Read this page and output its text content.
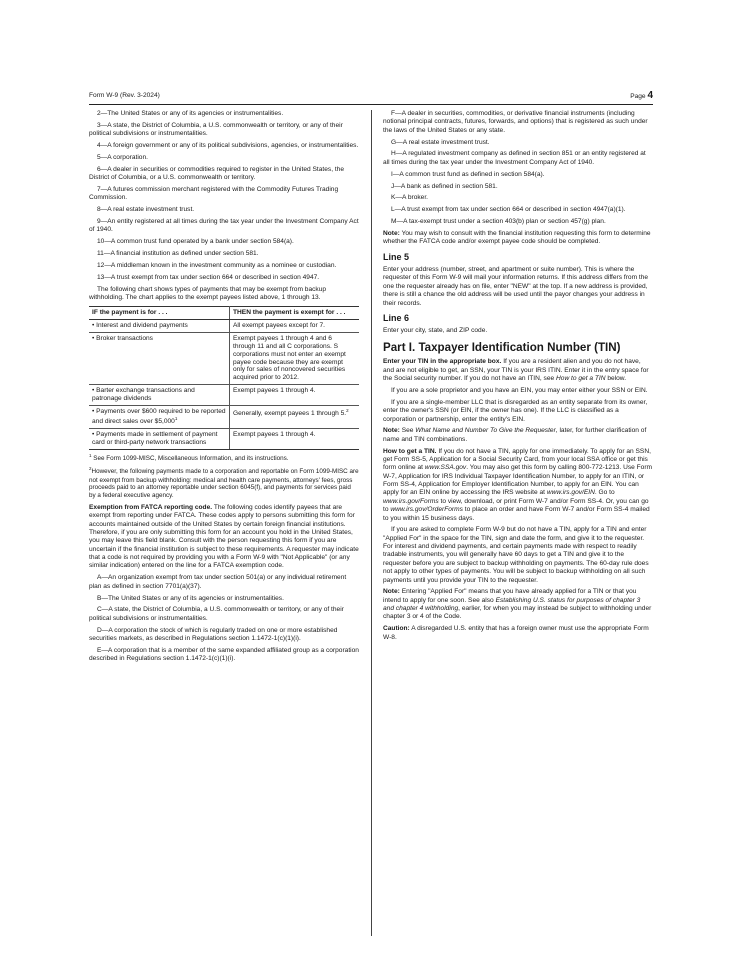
Form W-9 (Rev. 3-2024)	Page 4

2—The United States or any of its agencies or instrumentalities.

3—A state, the District of Columbia, a U.S. commonwealth or territory, or any of their political subdivisions or instrumentalities.

4—A foreign government or any of its political subdivisions, agencies, or instrumentalities.

5—A corporation.

6—A dealer in securities or commodities required to register in the United States, the District of Columbia, or a U.S. commonwealth or territory.

7—A futures commission merchant registered with the Commodity Futures Trading Commission.

8—A real estate investment trust.

9—An entity registered at all times during the tax year under the Investment Company Act of 1940.

10—A common trust fund operated by a bank under section 584(a).

11—A financial institution as defined under section 581.

12—A middleman known in the investment community as a nominee or custodian.

13—A trust exempt from tax under section 664 or described in section 4947.

The following chart shows types of payments that may be exempt from backup withholding. The chart applies to the exempt payees listed above, 1 through 13.

IF the payment is for . . .	THEN the payment is exempt for . . .
• Interest and dividend payments	All exempt payees except for 7.
• Broker transactions	Exempt payees 1 through 4 and 6 through 11 and all C corporations. S corporations must not enter an exempt payee code because they are exempt only for sales of noncovered securities acquired prior to 2012.
• Barter exchange transactions and patronage dividends	Exempt payees 1 through 4.
• Payments over $600 required to be reported and direct sales over $5,000$^1$	Generally, exempt payees 1 through 5.$^2$
• Payments made in settlement of payment card or third-party network transactions	Exempt payees 1 through 4.

$^1$ See Form 1099-MISC, Miscellaneous Information, and its instructions.

$^2$However, the following payments made to a corporation and reportable on Form 1099-MISC are not exempt from backup withholding: medical and health care payments, attorneys' fees, gross proceeds paid to an attorney reportable under section 6045(f), and payments for services paid by a federal executive agency.

Exemption from FATCA reporting code. The following codes identify payees that are exempt from reporting under FATCA. These codes apply to persons submitting this form for accounts maintained outside of the United States by certain foreign financial institutions. Therefore, if you are only submitting this form for an account you hold in the United States, you may leave this field blank. Consult with the person requesting this form if you are uncertain if the financial institution is subject to these requirements. A requester may indicate that a code is not required by providing you with a Form W-9 with "Not Applicable" (or any similar indication) entered on the line for a FATCA exemption code.

A—An organization exempt from tax under section 501(a) or any individual retirement plan as defined in section 7701(a)(37).

B—The United States or any of its agencies or instrumentalities.

C—A state, the District of Columbia, a U.S. commonwealth or territory, or any of their political subdivisions or instrumentalities.

D—A corporation the stock of which is regularly traded on one or more established securities markets, as described in Regulations section 1.1472-1(c)(1)(i).

E—A corporation that is a member of the same expanded affiliated group as a corporation described in Regulations section 1.1472-1(c)(1)(i).

F—A dealer in securities, commodities, or derivative financial instruments (including notional principal contracts, futures, forwards, and options) that is registered as such under the laws of the United States or any state.

G—A real estate investment trust.

H—A regulated investment company as defined in section 851 or an entity registered at all times during the tax year under the Investment Company Act of 1940.

I—A common trust fund as defined in section 584(a).

J—A bank as defined in section 581.

K—A broker.

L—A trust exempt from tax under section 664 or described in section 4947(a)(1).

M—A tax-exempt trust under a section 403(b) plan or section 457(g) plan.

Note: You may wish to consult with the financial institution requesting this form to determine whether the FATCA code and/or exempt payee code should be completed.

Line 5

Enter your address (number, street, and apartment or suite number). This is where the requester of this Form W-9 will mail your information returns. If this address differs from the one the requester already has on file, enter "NEW" at the top. If a new address is provided, there is still a chance the old address will be used until the payor changes your address in their records.

Line 6

Enter your city, state, and ZIP code.

Part I. Taxpayer Identification Number (TIN)

Enter your TIN in the appropriate box. If you are a resident alien and you do not have, and are not eligible to get, an SSN, your TIN is your IRS ITIN. Enter it in the entry space for the Social security number. If you do not have an ITIN, see How to get a TIN below.

If you are a sole proprietor and you have an EIN, you may enter either your SSN or EIN.

If you are a single-member LLC that is disregarded as an entity separate from its owner, enter the owner's SSN (or EIN, if the owner has one). If the LLC is classified as a corporation or partnership, enter the entity's EIN.

Note: See What Name and Number To Give the Requester, later, for further clarification of name and TIN combinations.

How to get a TIN. If you do not have a TIN, apply for one immediately. To apply for an SSN, get Form SS-5, Application for a Social Security Card, from your local SSA office or get this form online at www.SSA.gov. You may also get this form by calling 800-772-1213. Use Form W-7, Application for IRS Individual Taxpayer Identification Number, to apply for an ITIN, or Form SS-4, Application for Employer Identification Number, to apply for an EIN. You can apply for an EIN online by accessing the IRS website at www.irs.gov/EIN. Go to www.irs.gov/Forms to view, download, or print Form W-7 and/or Form SS-4. Or, you can go to www.irs.gov/OrderForms to place an order and have Form W-7 and/or Form SS-4 mailed to you within 15 business days.

If you are asked to complete Form W-9 but do not have a TIN, apply for a TIN and enter "Applied For" in the space for the TIN, sign and date the form, and give it to the requester. For interest and dividend payments, and certain payments made with respect to readily tradable instruments, you will generally have 60 days to get a TIN and give it to the requester before you are subject to backup withholding on payments. The 60-day rule does not apply to other types of payments. You will be subject to backup withholding on all such payments until you provide your TIN to the requester.

Note: Entering "Applied For" means that you have already applied for a TIN or that you intend to apply for one soon. See also Establishing U.S. status for purposes of chapter 3 and chapter 4 withholding, earlier, for when you may instead be subject to withholding under chapter 3 or 4 of the Code.

Caution: A disregarded U.S. entity that has a foreign owner must use the appropriate Form W-8.
